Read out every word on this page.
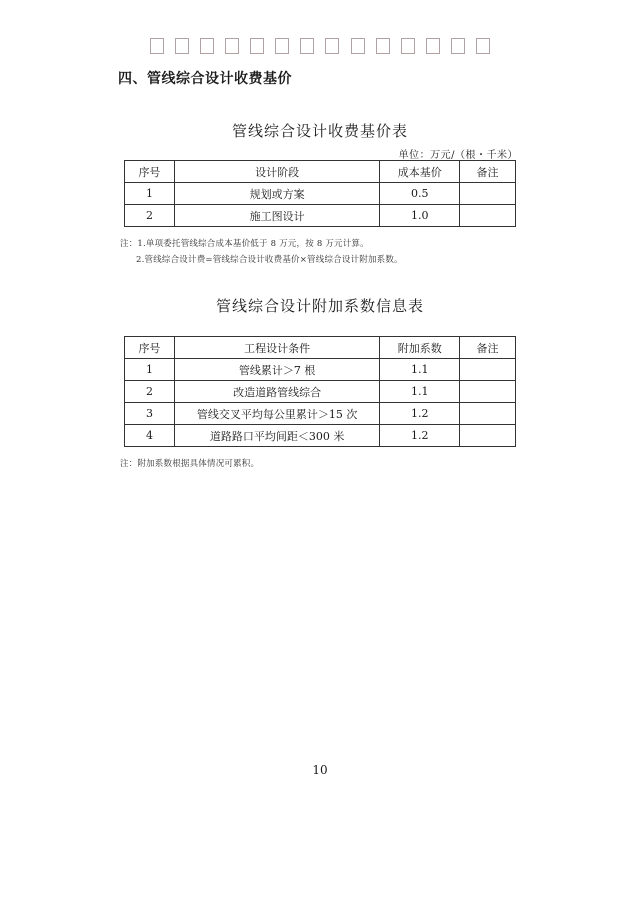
四、管线综合设计收费基价
管线综合设计收费基价表
单位：万元/（根・千米）
序号	设计阶段	成本基价	备注
1	规划或方案	0.5	
2	施工图设计	1.0	
注：1.单项委托管线综合成本基价低于 8 万元，按 8 万元计算。
2.管线综合设计费=管线综合设计收费基价×管线综合设计附加系数。
管线综合设计附加系数信息表
序号	工程设计条件	附加系数	备注
1	管线累计＞7 根	1.1	
2	改造道路管线综合	1.1	
3	管线交叉平均每公里累计＞15 次	1.2	
4	道路路口平均间距＜300 米	1.2	
注：附加系数根据具体情况可累积。
10
